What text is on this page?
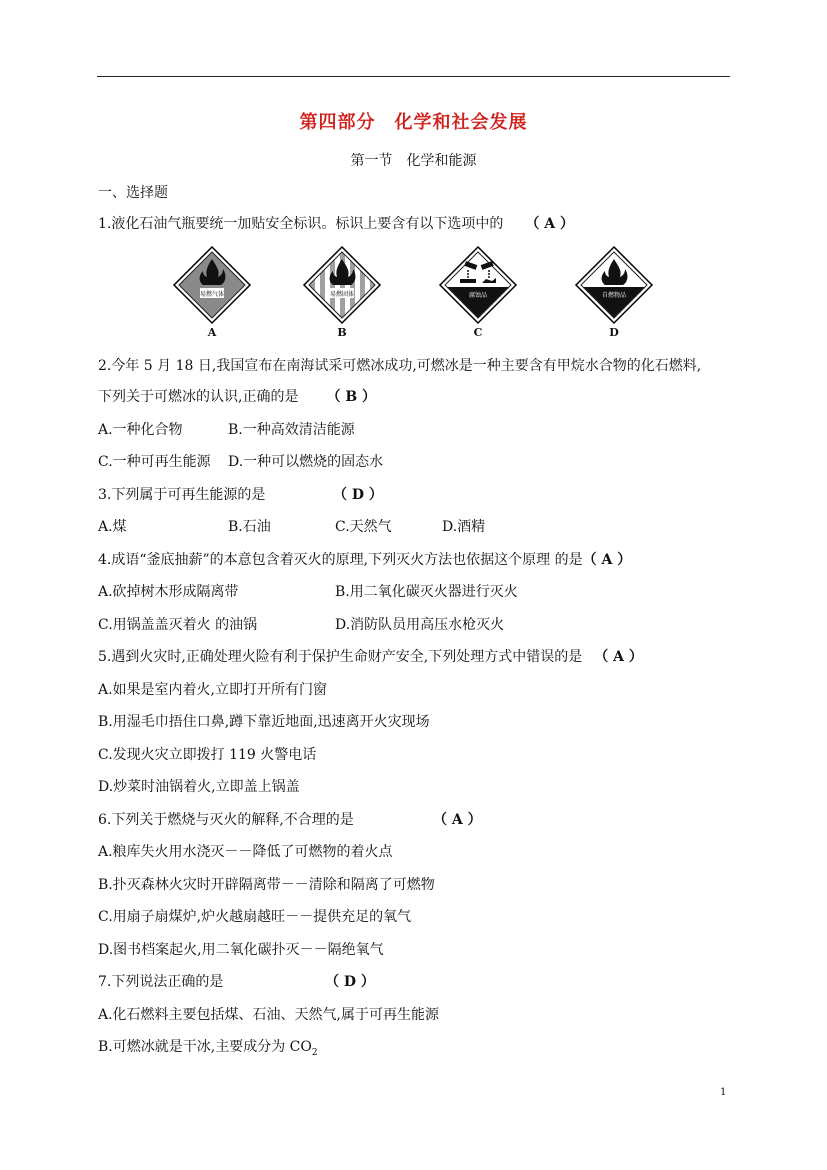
第四部分　化学和社会发展
第一节　化学和能源
一、选择题
1.液化石油气瓶要统一加贴安全标识。标识上要含有以下选项中的 （ A ）
易燃气体
A
易燃固体
B
腐蚀品
C
自燃物品
D
2.今年 5 月 18 日,我国宣布在南海试采可燃冰成功,可燃冰是一种主要含有甲烷水合物的化石燃料,
下列关于可燃冰的认识,正确的是 （ B ）
A.一种化合物	B.一种高效清洁能源
C.一种可再生能源 D.一种可以燃烧的固态水
3.下列属于可再生能源的是	（ D ）
A.煤	B.石油	C.天然气	D.酒精
4.成语“釜底抽薪”的本意包含着灭火的原理,下列灭火方法也依据这个原理 的是（ A ）
A.砍掉树木形成隔离带	B.用二氧化碳灭火器进行灭火
C.用锅盖盖灭着火 的油锅	D.消防队员用高压水枪灭火
5.遇到火灾时,正确处理火险有利于保护生命财产安全,下列处理方式中错误的是 （ A ）
A.如果是室内着火,立即打开所有门窗
B.用湿毛巾捂住口鼻,蹲下靠近地面,迅速离开火灾现场
C.发现火灾立即拨打 119 火警电话
D.炒菜时油锅着火,立即盖上锅盖
6.下列关于燃烧与灭火的解释,不合理的是	（ A ）
A.粮库失火用水浇灭－－降低了可燃物的着火点
B.扑灭森林火灾时开辟隔离带－－清除和隔离了可燃物
C.用扇子扇煤炉,炉火越扇越旺－－提供充足的氧气
D.图书档案起火,用二氧化碳扑灭－－隔绝氧气
7.下列说法正确的是	（ D ）
A.化石燃料主要包括煤、石油、天然气,属于可再生能源
B.可燃冰就是干冰,主要成分为 $CO_2$
1
